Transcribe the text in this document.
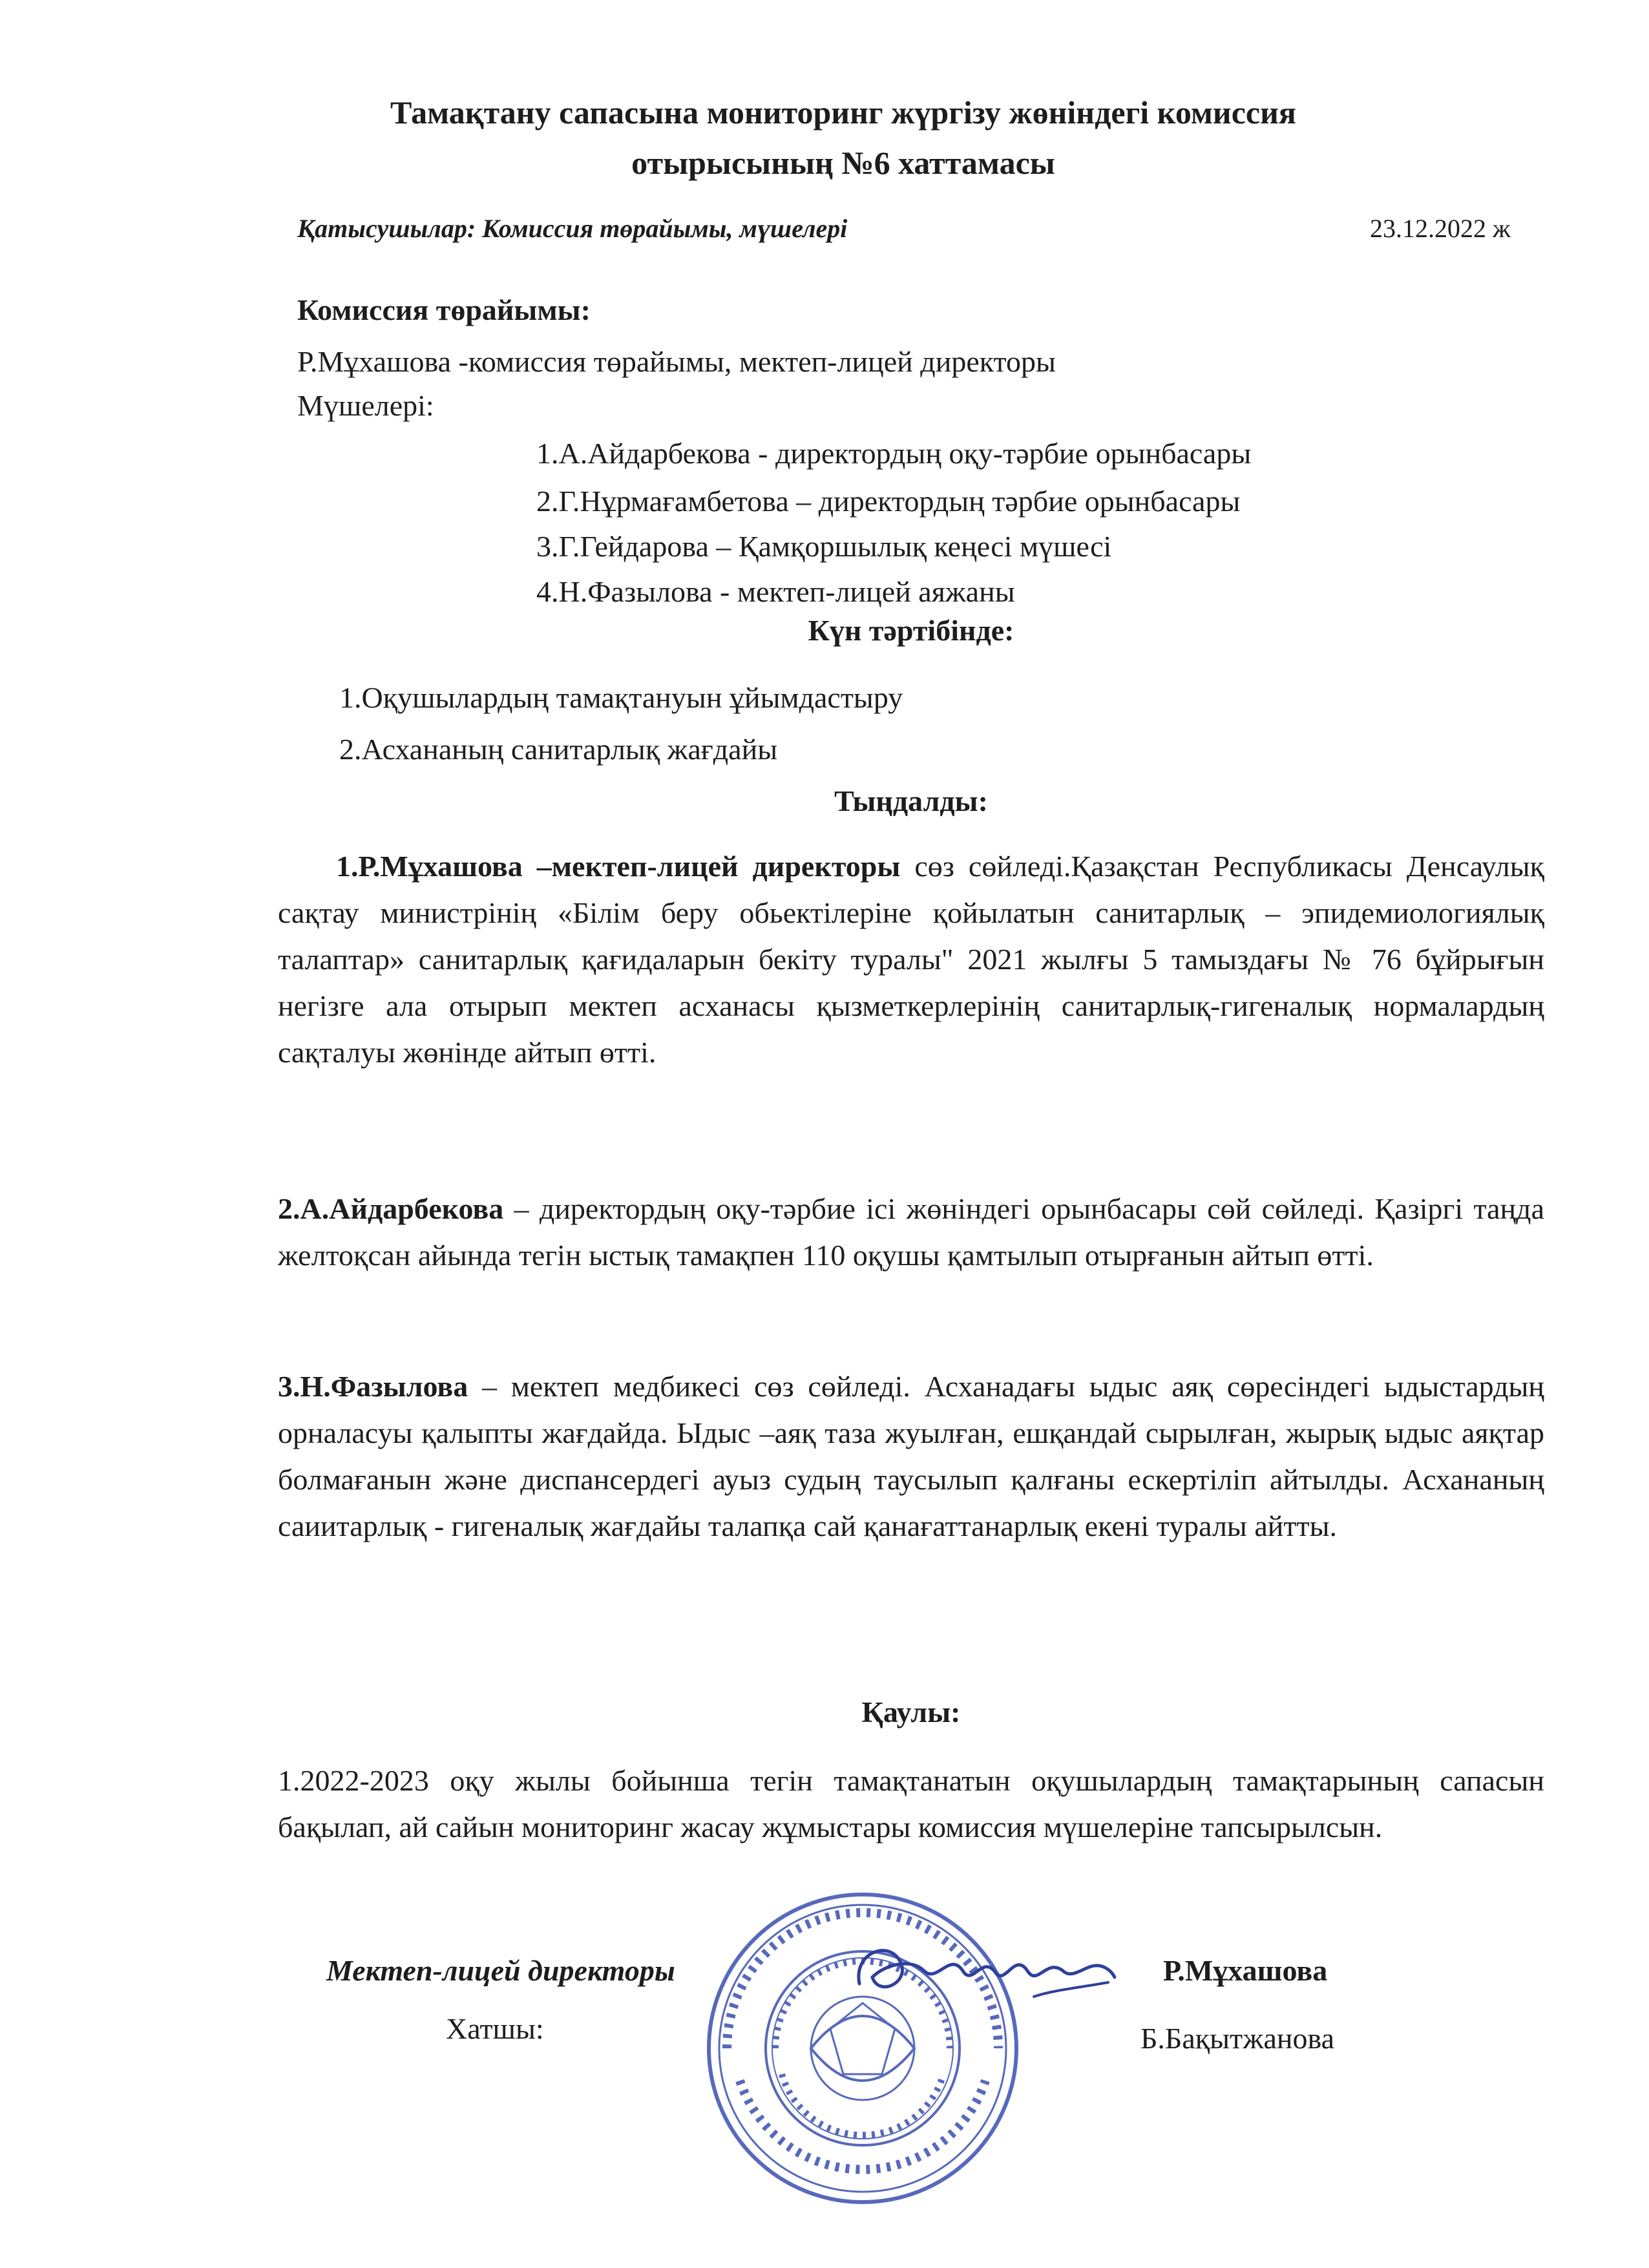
Тамақтану сапасына мониторинг жүргізу жөніндегі комиссия
отырысының №6 хаттамасы
Қатысушылар: Комиссия төрайымы, мүшелері	23.12.2022 ж
Комиссия төрайымы:
Р.Мұхашова -комиссия төрайымы, мектеп-лицей директоры
Мүшелері:
1.А.Айдарбекова - директордың оқу-тәрбие орынбасары
2.Г.Нұрмағамбетова – директордың тәрбие орынбасары
3.Г.Гейдарова – Қамқоршылық кеңесі мүшесі
4.Н.Фазылова - мектеп-лицей аяжаны
Күн тәртібінде:
1.Оқушылардың тамақтануын ұйымдастыру
2.Асхананың санитарлық жағдайы
Тыңдалды:
1.Р.Мұхашова –мектеп-лицей директоры сөз сөйледі.Қазақстан Республикасы Денсаулық сақтау министрінің «Білім беру обьектілеріне қойылатын санитарлық – эпидемиологиялық талаптар» санитарлық қағидаларын бекіту туралы" 2021 жылғы 5 тамыздағы № 76 бұйрығын негізге ала отырып мектеп асханасы қызметкерлерінің санитарлық-гигеналық нормалардың сақталуы жөнінде айтып өтті.
2.А.Айдарбекова – директордың оқу-тәрбие ісі жөніндегі орынбасары сөй сөйледі. Қазіргі таңда желтоқсан айында тегін ыстық тамақпен 110 оқушы қамтылып отырғанын айтып өтті.
3.Н.Фазылова – мектеп медбикесі сөз сөйледі. Асханадағы ыдыс аяқ сөресіндегі ыдыстардың орналасуы қалыпты жағдайда. Ыдыс –аяқ таза жуылған, ешқандай сырылған, жырық ыдыс аяқтар болмағанын және диспансердегі ауыз судың таусылып қалғаны ескертіліп айтылды. Асхананың саиитарлық - гигеналық жағдайы талапқа сай қанағаттанарлық екені туралы айтты.
Қаулы:
1.2022-2023 оқу жылы бойынша тегін тамақтанатын оқушылардың тамақтарының сапасын бақылап, ай сайын мониторинг жасау жұмыстары комиссия мүшелеріне тапсырылсын.
Мектеп-лицей директоры	Р.Мұхашова
Хатшы:	Б.Бақытжанова
